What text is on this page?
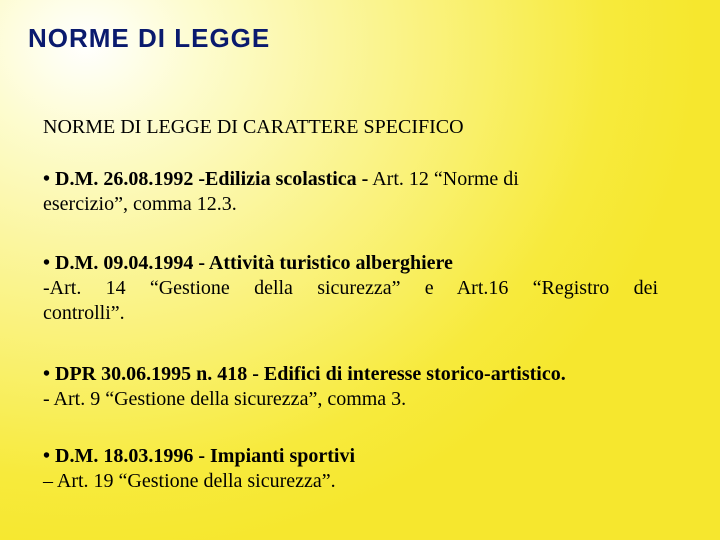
NORME DI LEGGE

NORME DI LEGGE DI CARATTERE SPECIFICO

• D.M. 26.08.1992 -Edilizia scolastica - Art. 12 “Norme di
esercizio”, comma 12.3.

• D.M. 09.04.1994 - Attività turistico alberghiere
-Art. 14 “Gestione della sicurezza” e Art.16 “Registro dei
controlli”.

• DPR 30.06.1995 n. 418 - Edifici di interesse storico-artistico.
- Art. 9 “Gestione della sicurezza”, comma 3.

• D.M. 18.03.1996 - Impianti sportivi
– Art. 19 “Gestione della sicurezza”.
